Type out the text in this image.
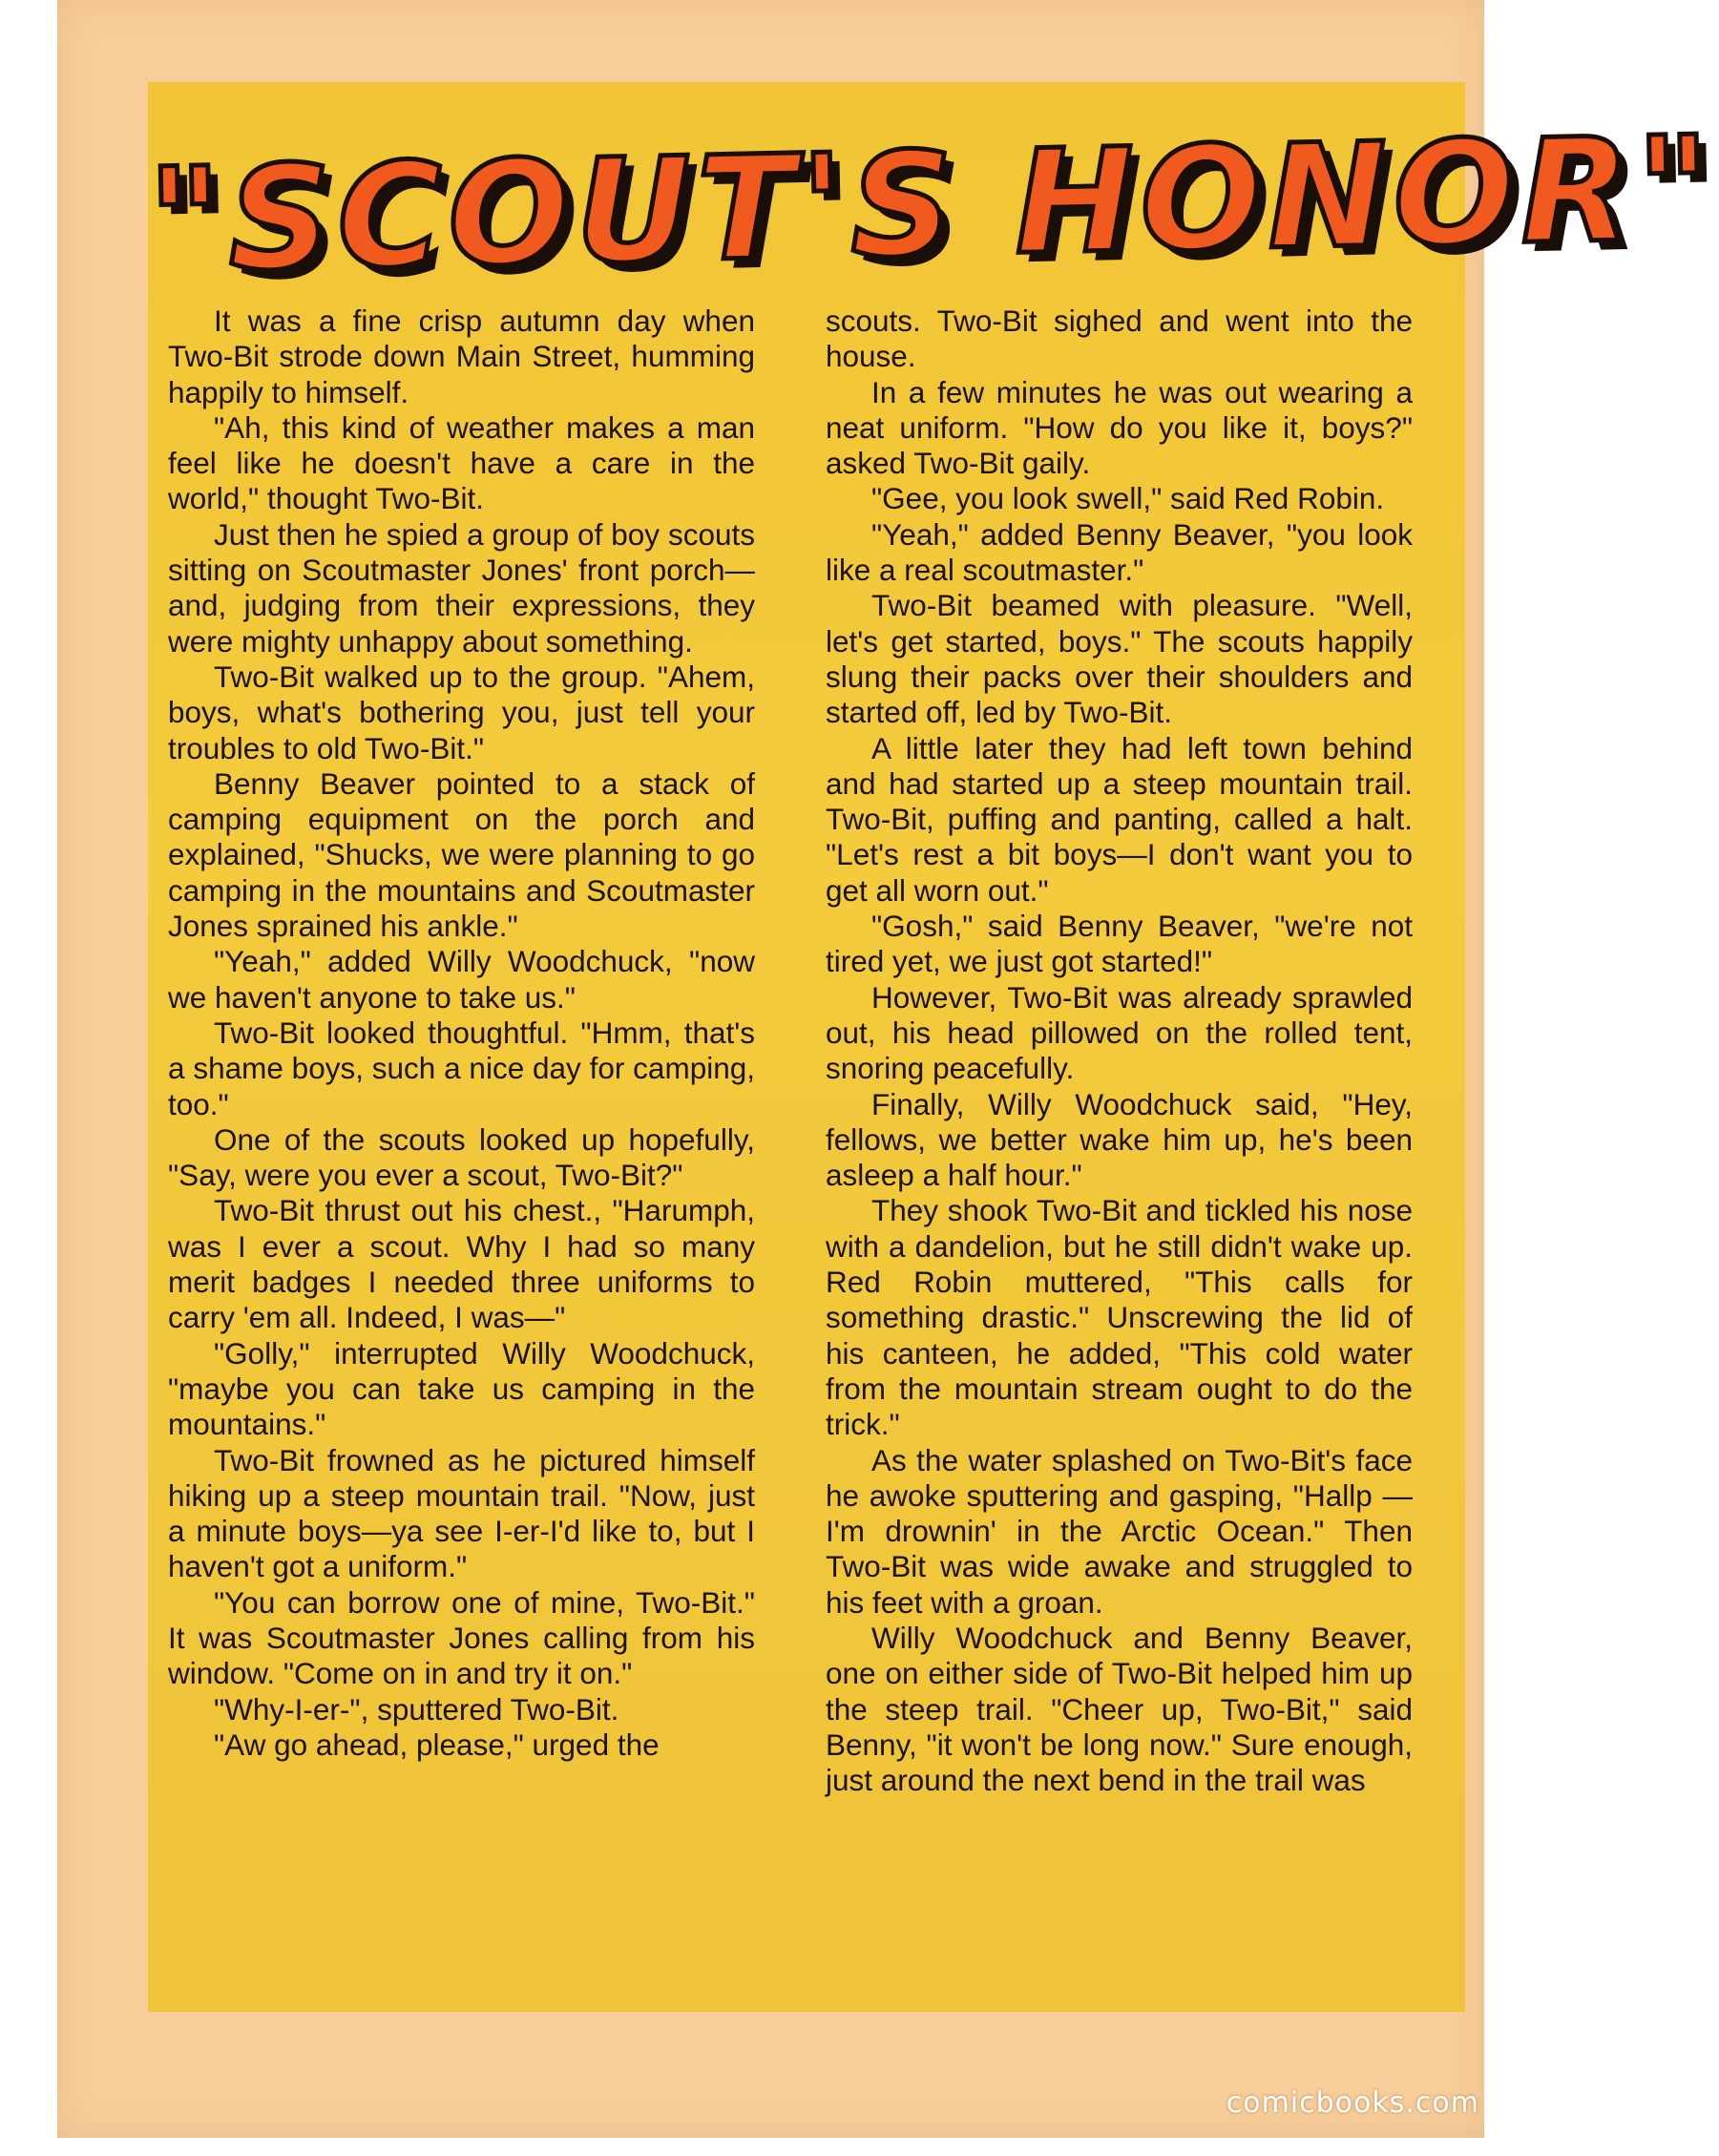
"SCOUT'S HONOR"

It was a fine crisp autumn day when Two-Bit strode down Main Street, humming happily to himself.

"Ah, this kind of weather makes a man feel like he doesn't have a care in the world," thought Two-Bit.

Just then he spied a group of boy scouts sitting on Scoutmaster Jones' front porch—and, judging from their expressions, they were mighty unhappy about something.

Two-Bit walked up to the group. "Ahem, boys, what's bothering you, just tell your troubles to old Two-Bit."

Benny Beaver pointed to a stack of camping equipment on the porch and explained, "Shucks, we were planning to go camping in the mountains and Scoutmaster Jones sprained his ankle."

"Yeah," added Willy Woodchuck, "now we haven't anyone to take us."

Two-Bit looked thoughtful. "Hmm, that's a shame boys, such a nice day for camping, too."

One of the scouts looked up hopefully, "Say, were you ever a scout, Two-Bit?"

Two-Bit thrust out his chest., "Harumph, was I ever a scout. Why I had so many merit badges I needed three uniforms to carry 'em all. Indeed, I was—"

"Golly," interrupted Willy Woodchuck, "maybe you can take us camping in the mountains."

Two-Bit frowned as he pictured himself hiking up a steep mountain trail. "Now, just a minute boys—ya see I-er-I'd like to, but I haven't got a uniform."

"You can borrow one of mine, Two-Bit." It was Scoutmaster Jones calling from his window. "Come on in and try it on."

"Why-I-er-", sputtered Two-Bit.

"Aw go ahead, please," urged the

scouts. Two-Bit sighed and went into the house.

In a few minutes he was out wearing a neat uniform. "How do you like it, boys?" asked Two-Bit gaily.

"Gee, you look swell," said Red Robin.

"Yeah," added Benny Beaver, "you look like a real scoutmaster."

Two-Bit beamed with pleasure. "Well, let's get started, boys." The scouts happily slung their packs over their shoulders and started off, led by Two-Bit.

A little later they had left town behind and had started up a steep mountain trail. Two-Bit, puffing and panting, called a halt. "Let's rest a bit boys—I don't want you to get all worn out."

"Gosh," said Benny Beaver, "we're not tired yet, we just got started!"

However, Two-Bit was already sprawled out, his head pillowed on the rolled tent, snoring peacefully.

Finally, Willy Woodchuck said, "Hey, fellows, we better wake him up, he's been asleep a half hour."

They shook Two-Bit and tickled his nose with a dandelion, but he still didn't wake up. Red Robin muttered, "This calls for something drastic." Unscrewing the lid of his canteen, he added, "This cold water from the mountain stream ought to do the trick."

As the water splashed on Two-Bit's face he awoke sputtering and gasping, "Hallp — I'm drownin' in the Arctic Ocean." Then Two-Bit was wide awake and struggled to his feet with a groan.

Willy Woodchuck and Benny Beaver, one on either side of Two-Bit helped him up the steep trail. "Cheer up, Two-Bit," said Benny, "it won't be long now." Sure enough, just around the next bend in the trail was

comicbooks.com
